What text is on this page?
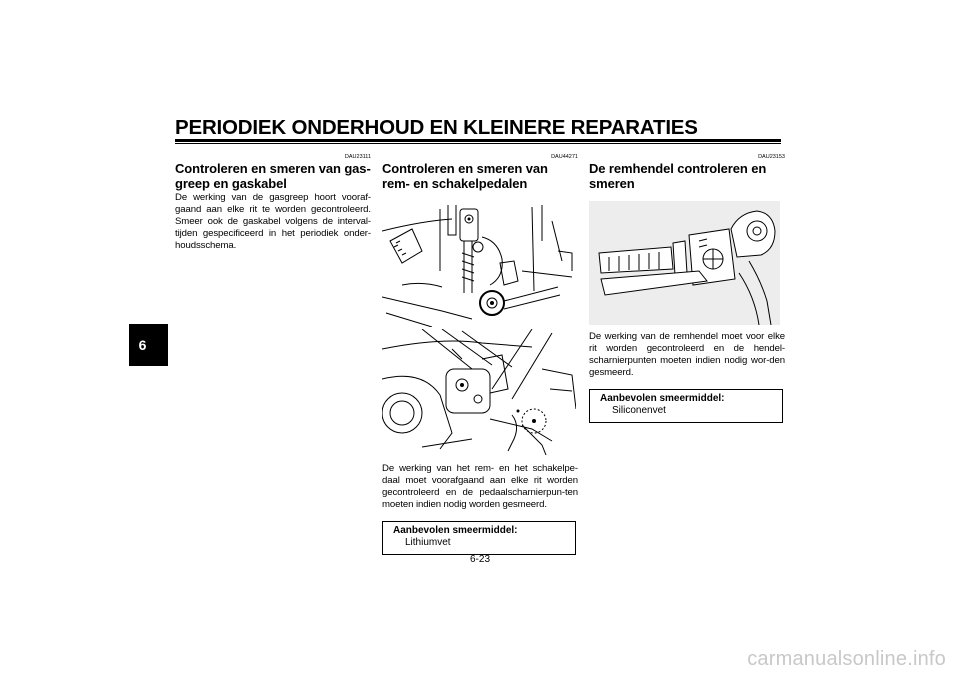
PERIODIEK ONDERHOUD EN KLEINERE REPARATIES
6
DAU23111
Controleren en smeren van gas-greep en gaskabel
De werking van de gasgreep hoort vooraf-gaand aan elke rit te worden gecontroleerd. Smeer ook de gaskabel volgens de interval-tijden gespecificeerd in het periodiek onder-houdsschema.
DAU44271
Controleren en smeren van rem- en schakelpedalen
De werking van het rem- en het schakelpe-daal moet voorafgaand aan elke rit worden gecontroleerd en de pedaalscharnierpun-ten moeten indien nodig worden gesmeerd.
Aanbevolen smeermiddel:
Lithiumvet
DAU23153
De remhendel controleren en smeren
De werking van de remhendel moet voor elke rit worden gecontroleerd en de hendel-scharnierpunten moeten indien nodig wor-den gesmeerd.
Aanbevolen smeermiddel:
Siliconenvet
6-23
carmanualsonline.info
